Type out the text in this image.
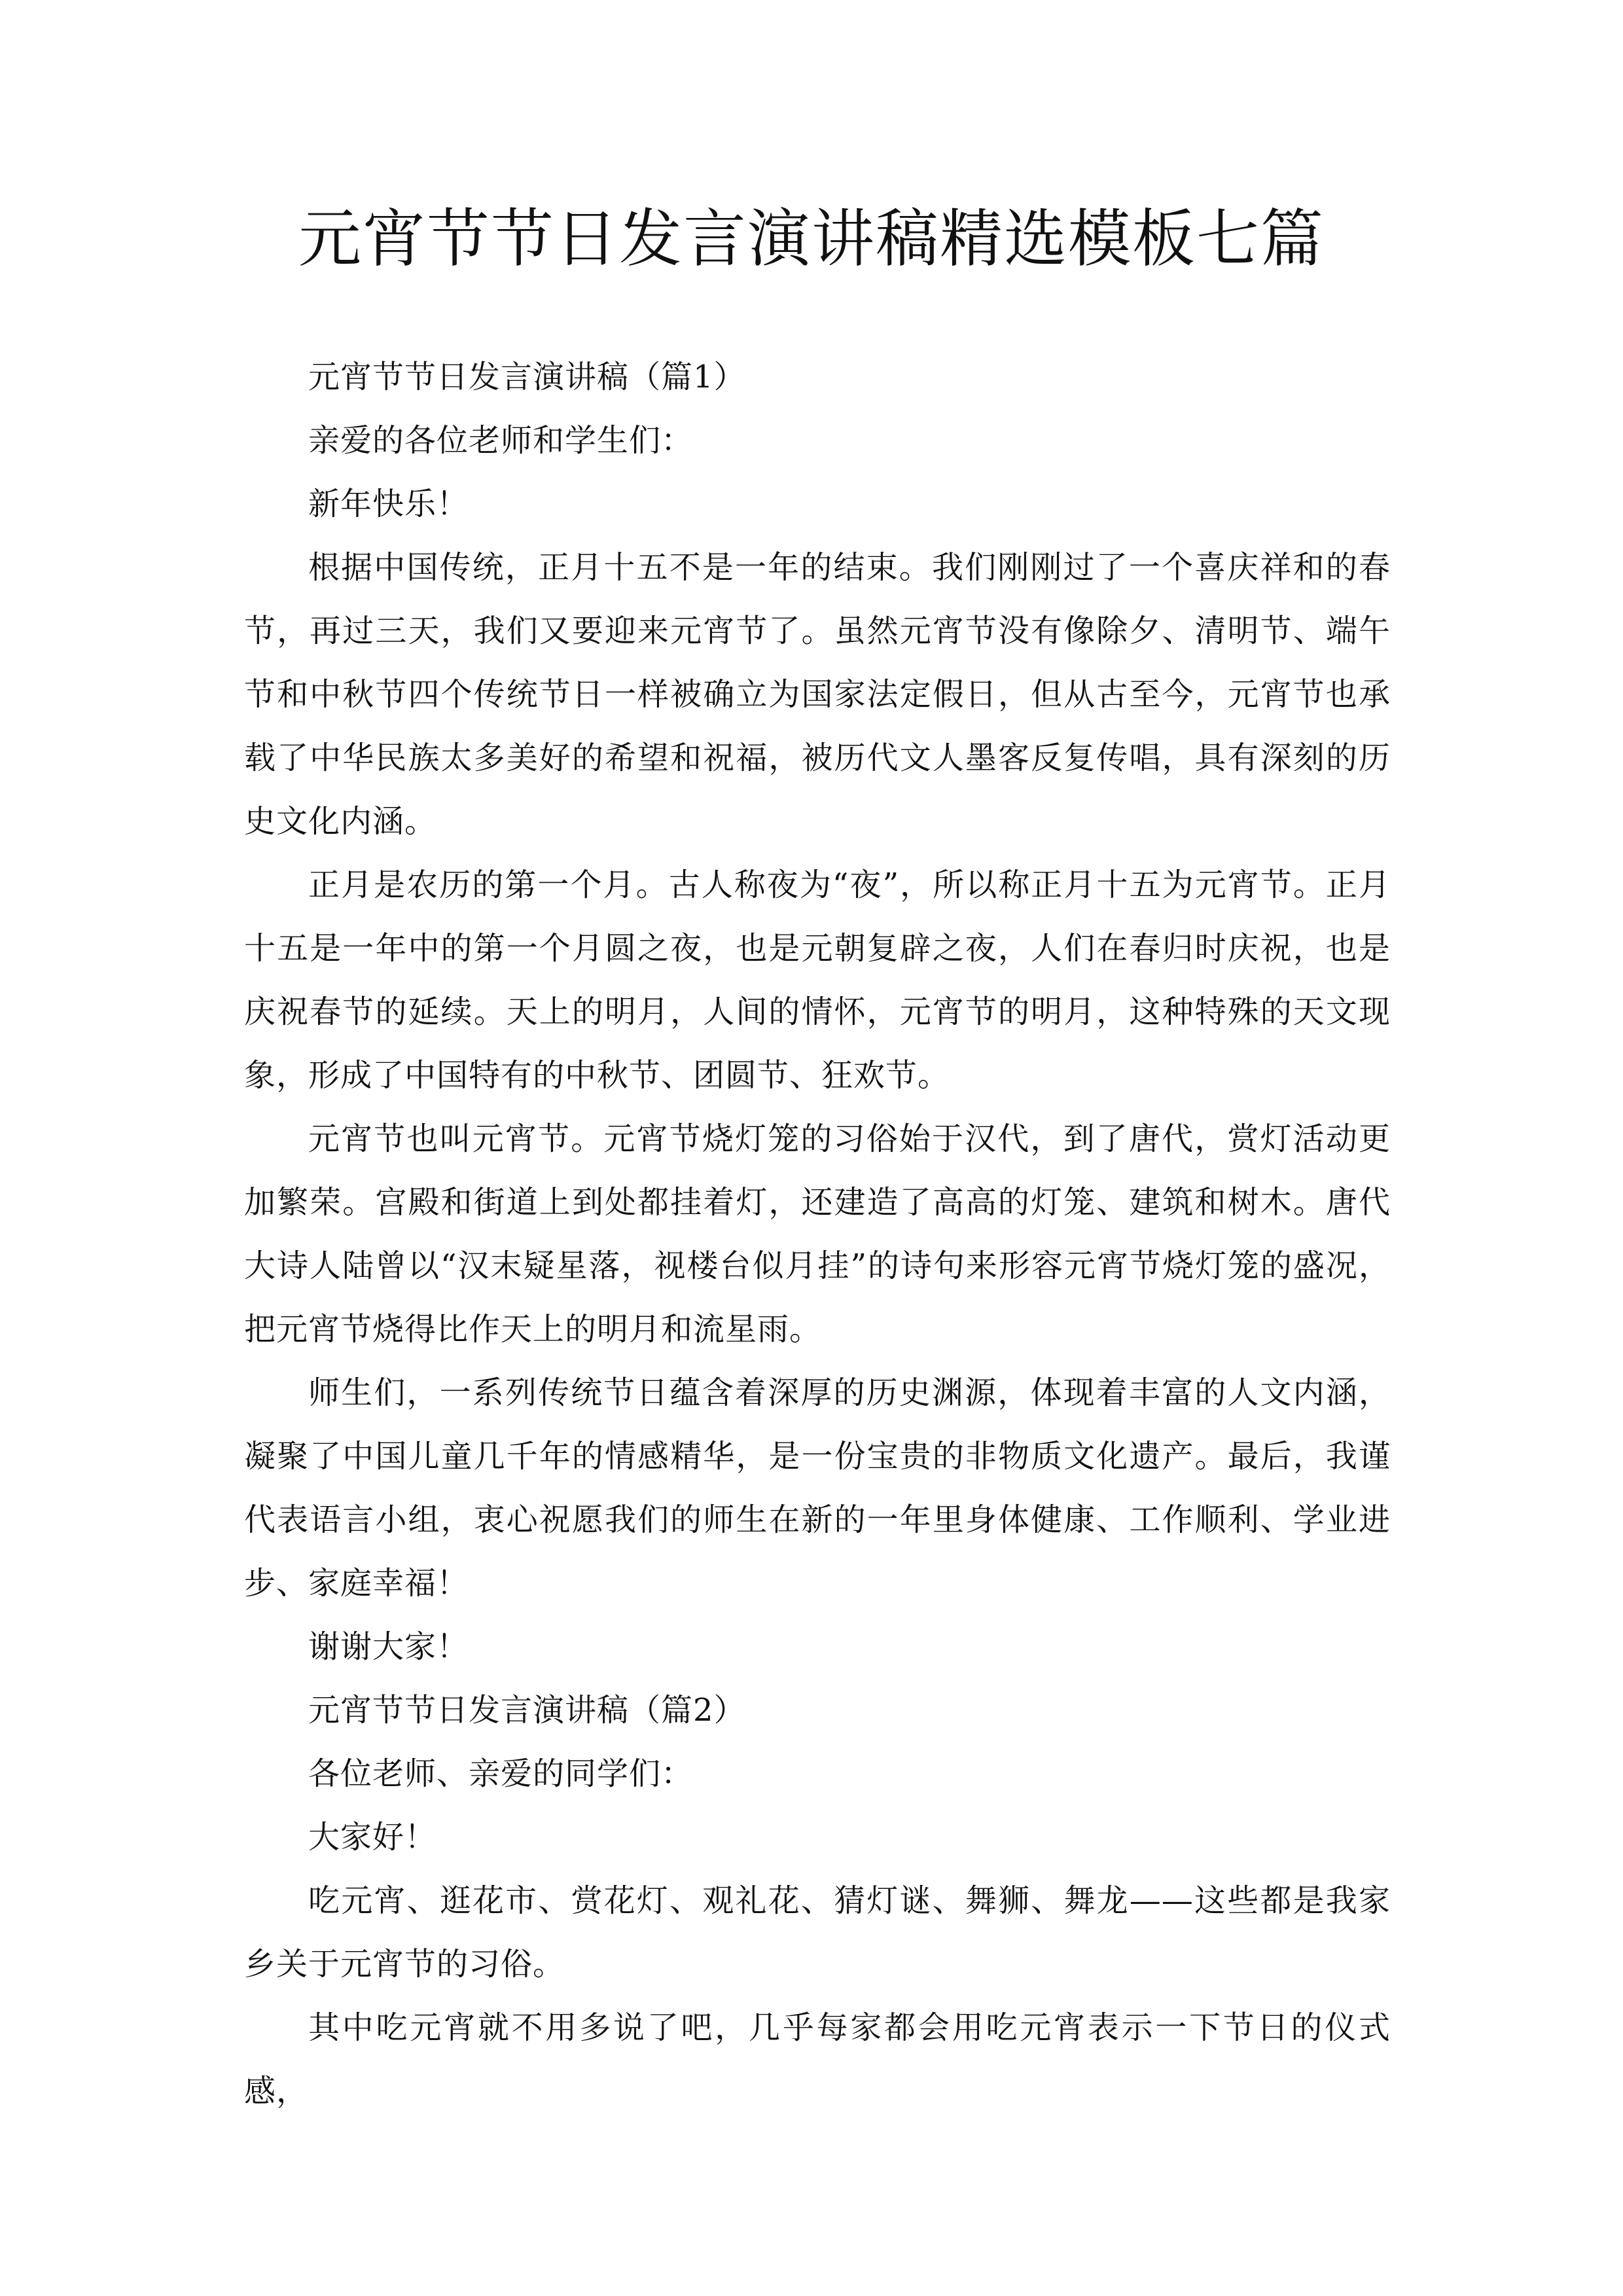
元宵节节日发言演讲稿精选模板七篇

元宵节节日发言演讲稿（篇1）

亲爱的各位老师和学生们：

新年快乐！

根据中国传统，正月十五不是一年的结束。我们刚刚过了一个喜庆祥和的春节，再过三天，我们又要迎来元宵节了。虽然元宵节没有像除夕、清明节、端午节和中秋节四个传统节日一样被确立为国家法定假日，但从古至今，元宵节也承载了中华民族太多美好的希望和祝福，被历代文人墨客反复传唱，具有深刻的历史文化内涵。

正月是农历的第一个月。古人称夜为“夜”，所以称正月十五为元宵节。正月十五是一年中的第一个月圆之夜，也是元朝复辟之夜，人们在春归时庆祝，也是庆祝春节的延续。天上的明月，人间的情怀，元宵节的明月，这种特殊的天文现象，形成了中国特有的中秋节、团圆节、狂欢节。

元宵节也叫元宵节。元宵节烧灯笼的习俗始于汉代，到了唐代，赏灯活动更加繁荣。宫殿和街道上到处都挂着灯，还建造了高高的灯笼、建筑和树木。唐代大诗人陆曾以“汉末疑星落，视楼台似月挂”的诗句来形容元宵节烧灯笼的盛况，把元宵节烧得比作天上的明月和流星雨。

师生们，一系列传统节日蕴含着深厚的历史渊源，体现着丰富的人文内涵，凝聚了中国儿童几千年的情感精华，是一份宝贵的非物质文化遗产。最后，我谨代表语言小组，衷心祝愿我们的师生在新的一年里身体健康、工作顺利、学业进步、家庭幸福！

谢谢大家！

元宵节节日发言演讲稿（篇2）

各位老师、亲爱的同学们：

大家好！

吃元宵、逛花市、赏花灯、观礼花、猜灯谜、舞狮、舞龙——这些都是我家乡关于元宵节的习俗。

其中吃元宵就不用多说了吧，几乎每家都会用吃元宵表示一下节日的仪式感，
